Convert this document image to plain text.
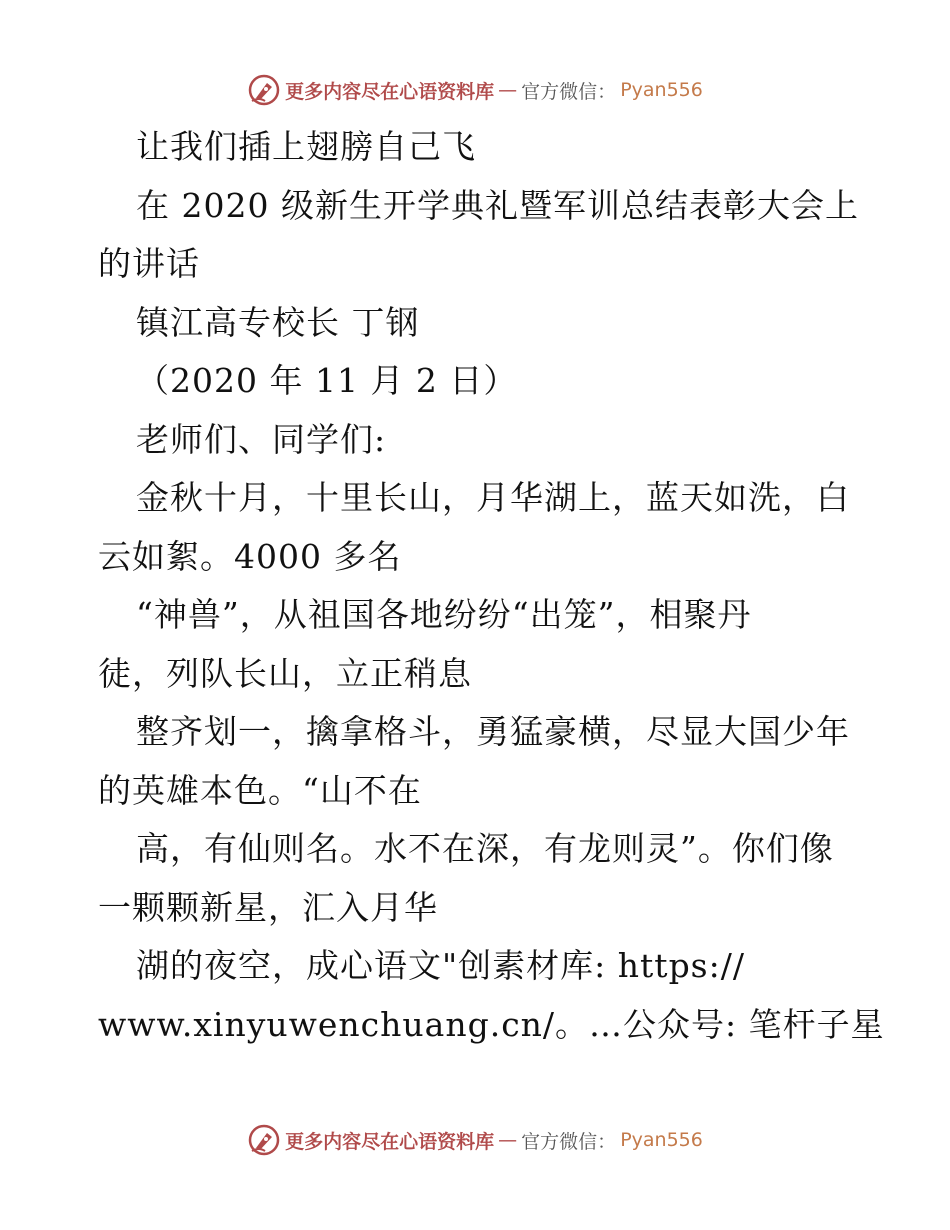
更多内容尽在心语资料库 — 官方微信： Pyan556
让我们插上翅膀自己飞
在 2020 级新生开学典礼暨军训总结表彰大会上
的讲话
镇江高专校长 丁钢
（2020 年 11 月 2 日）
老师们、同学们:
金秋十月，十里长山，月华湖上，蓝天如洗，白
云如絮。4000 多名
“神兽”，从祖国各地纷纷“出笼”，相聚丹
徒，列队长山，立正稍息
整齐划一，擒拿格斗，勇猛豪横，尽显大国少年
的英雄本色。“山不在
高，有仙则名。水不在深，有龙则灵”。你们像
一颗颗新星，汇入月华
湖的夜空，成心语文"创素材库: https://
www.xinyuwenchuang.cn/。…公众号: 笔杆子星
更多内容尽在心语资料库 — 官方微信： Pyan556
